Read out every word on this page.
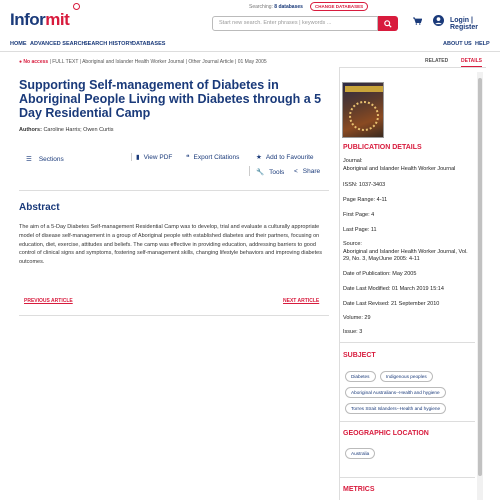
Informit
Searching: 8 databases	CHANGE DATABASES
Start new search. Enter phrases | keywords ...	Login | Register
HOME ADVANCED SEARCH
SEARCH HISTORY DATABASES	ABOUT US HELP
● No access | FULL TEXT | Aboriginal and Islander Health Worker Journal | Other Journal Article | 01 May 2005
Supporting Self-management of Diabetes in Aboriginal People Living with Diabetes through a 5 Day Residential Camp
Authors: Caroline Harris; Owen Curtis
☰ Sections	▮ View PDF ❝ Export Citations	★ Add to Favourite
🔧 Tools < Share
Abstract
The aim of a 5-Day Diabetes Self-management Residential Camp was to develop, trial and evaluate a culturally appropriate model of disease self-management in a group of Aboriginal people with established diabetes and their partners, focusing on education, diet, exercise, attitudes and beliefs. The camp was effective in providing education, addressing barriers to good control of clinical signs and symptoms, fostering self-management skills, changing lifestyle behaviors and improving diabetes outcomes.
PREVIOUS ARTICLE	NEXT ARTICLE
RELATED	DETAILS
PUBLICATION DETAILS
Journal:
Aboriginal and Islander Health Worker Journal
ISSN: 1037-3403
Page Range: 4-11
First Page: 4
Last Page: 11
Source:
Aboriginal and Islander Health Worker Journal, Vol. 29, No. 3, May/June 2005: 4-11
Date of Publication: May 2005
Date Last Modified: 01 March 2019 15:14
Date Last Revised: 21 September 2010
Volume: 29
Issue: 3
SUBJECT
Diabetes	Indigenous peoples
Aboriginal Australians--Health and hygiene
Torres Strait Islanders--Health and hygiene
GEOGRAPHIC LOCATION
Australia
METRICS
